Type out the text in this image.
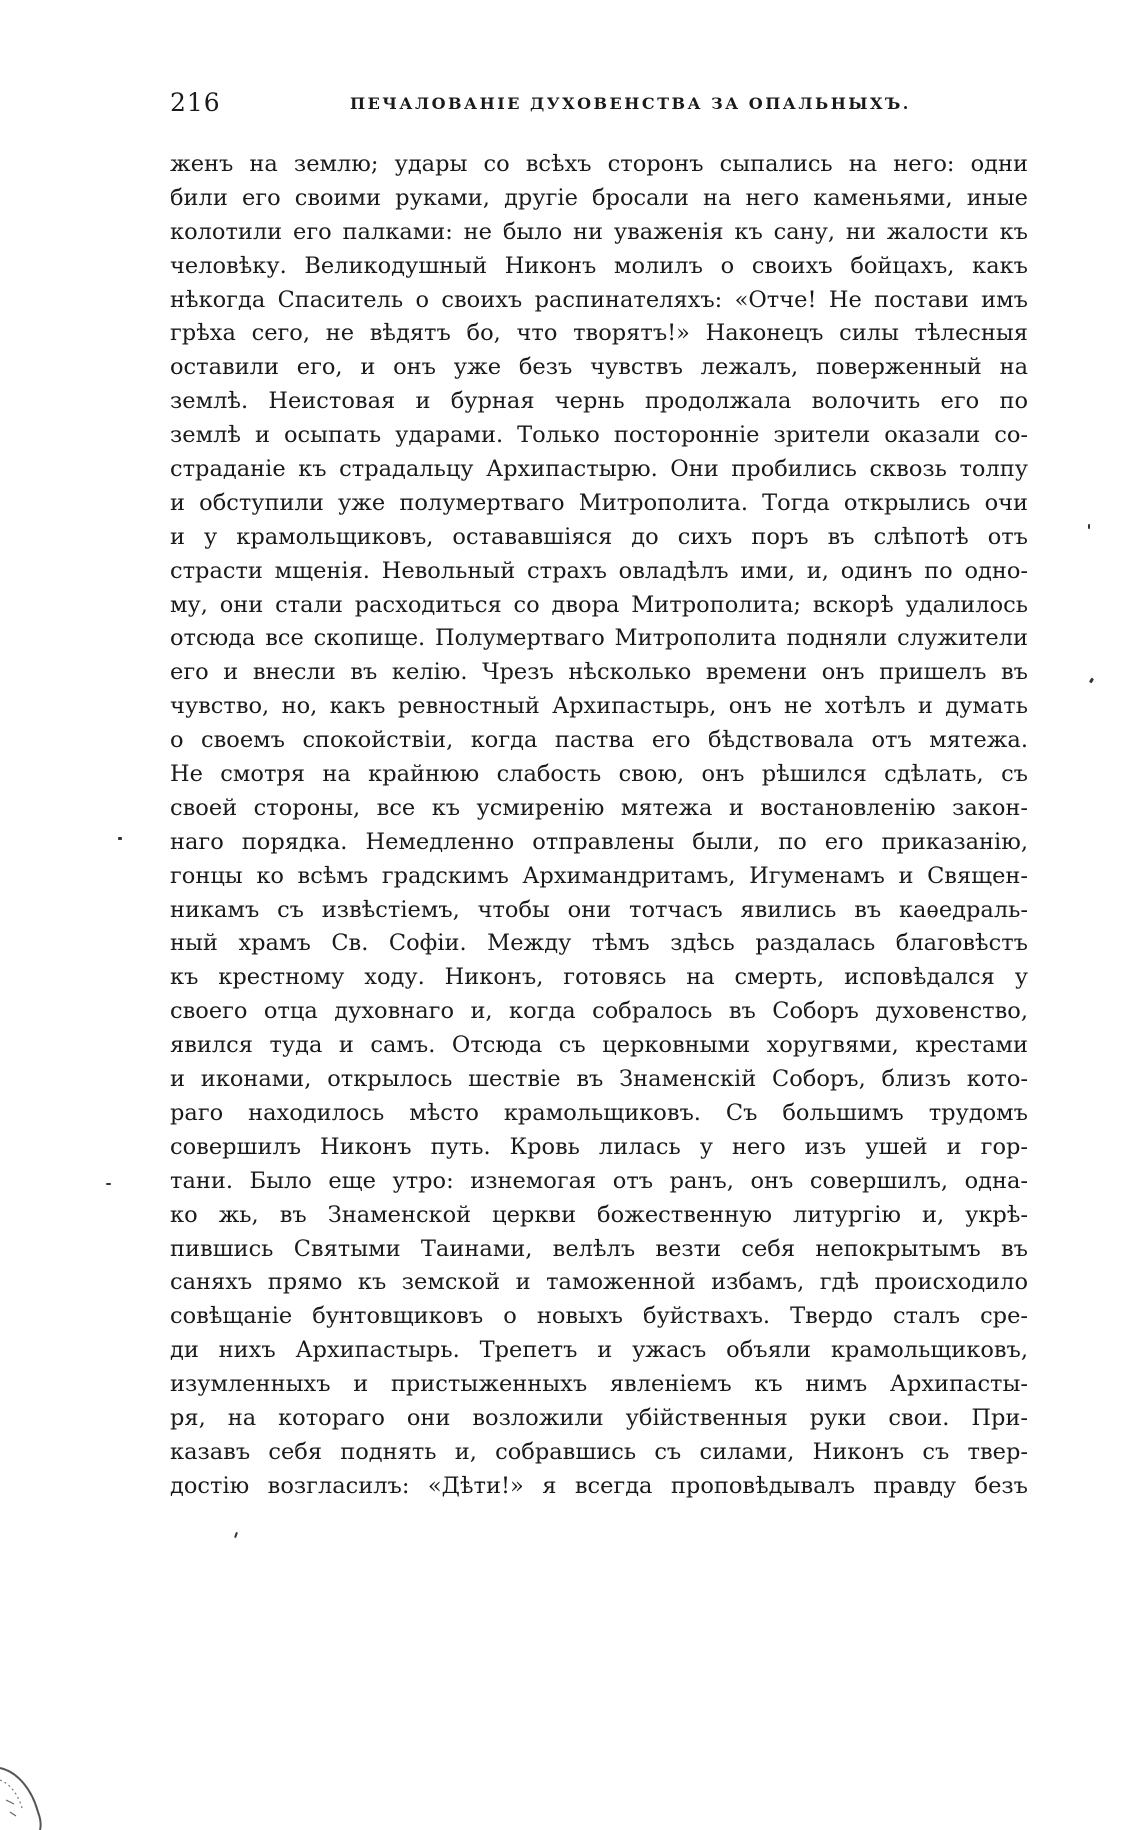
216	ПЕЧАЛОВАНІЕ ДУХОВЕНСТВА ЗА ОПАЛЬНЫХЪ.
женъ на землю; удары со всѣхъ сторонъ сыпались на него: одни
били его своими руками, другіе бросали на него каменьями, иные
колотили его палками: не было ни уваженія къ сану, ни жалости къ
человѣку. Великодушный Никонъ молилъ о своихъ бойцахъ, какъ
нѣкогда Спаситель о своихъ распинателяхъ: «Отче! Не постави имъ
грѣха сего, не вѣдятъ бо, что творятъ!» Наконецъ силы тѣлесныя
оставили его, и онъ уже безъ чувствъ лежалъ, поверженный на
землѣ. Неистовая и бурная чернь продолжала волочить его по
землѣ и осыпать ударами. Только посторонніе зрители оказали со-
страданіе къ страдальцу Архипастырю. Они пробились сквозь толпу
и обступили уже полумертваго Митрополита. Тогда открылись очи
и у крамольщиковъ, остававшіяся до сихъ поръ въ слѣпотѣ отъ
страсти мщенія. Невольный страхъ овладѣлъ ими, и, одинъ по одно-
му, они стали расходиться со двора Митрополита; вскорѣ удалилось
отсюда все скопище. Полумертваго Митрополита подняли служители
его и внесли въ келію. Чрезъ нѣсколько времени онъ пришелъ въ
чувство, но, какъ ревностный Архипастырь, онъ не хотѣлъ и думать
о своемъ спокойствіи, когда паства его бѣдствовала отъ мятежа.
Не смотря на крайнюю слабость свою, онъ рѣшился сдѣлать, съ
своей стороны, все къ усмиренію мятежа и востановленію закон-
наго порядка. Немедленно отправлены были, по его приказанію,
гонцы ко всѣмъ градскимъ Архимандритамъ, Игуменамъ и Священ-
никамъ съ извѣстіемъ, чтобы они тотчасъ явились въ каѳедраль-
ный храмъ Св. Софіи. Между тѣмъ здѣсь раздалась благовѣстъ
къ крестному ходу. Никонъ, готовясь на смерть, исповѣдался у
своего отца духовнаго и, когда собралось въ Соборъ духовенство,
явился туда и самъ. Отсюда съ церковными хоругвями, крестами
и иконами, открылось шествіе въ Знаменскій Соборъ, близъ кото-
раго находилось мѣсто крамольщиковъ. Съ большимъ трудомъ
совершилъ Никонъ путь. Кровь лилась у него изъ ушей и гор-
тани. Было еще утро: изнемогая отъ ранъ, онъ совершилъ, одна-
ко жь, въ Знаменской церкви божественную литургію и, укрѣ-
пившись Святыми Таинами, велѣлъ везти себя непокрытымъ въ
саняхъ прямо къ земской и таможенной избамъ, гдѣ происходило
совѣщаніе бунтовщиковъ о новыхъ буйствахъ. Твердо сталъ сре-
ди нихъ Архипастырь. Трепетъ и ужасъ объяли крамольщиковъ,
изумленныхъ и пристыженныхъ явленіемъ къ нимъ Архипасты-
ря, на котораго они возложили убійственныя руки свои. При-
казавъ себя поднять и, собравшись съ силами, Никонъ съ твер-
достію возгласилъ: «Дѣти!» я всегда проповѣдывалъ правду безъ
